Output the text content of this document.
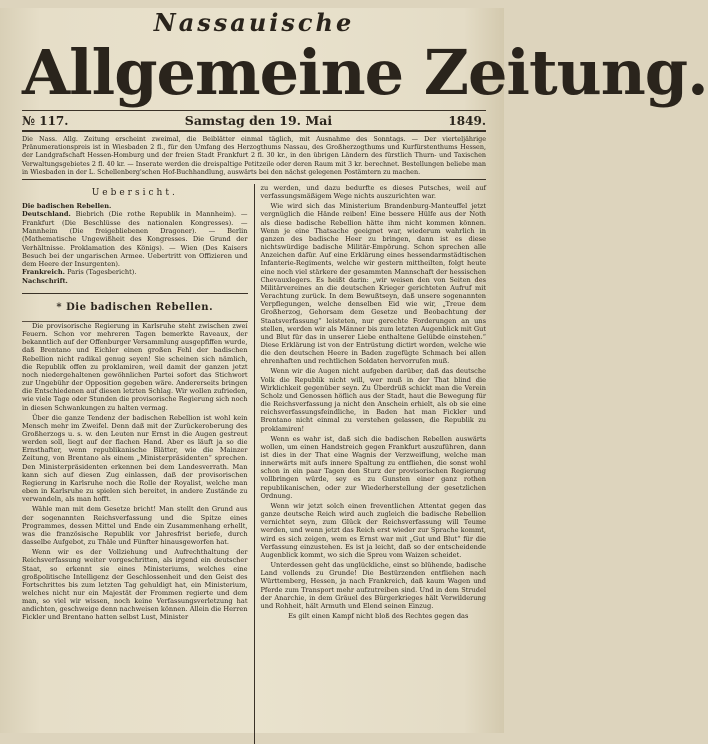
Nassauische
Allgemeine Zeitung.
№ 117.	Samstag den 19. Mai	1849.
Die Nass. Allg. Zeitung erscheint zweimal, die Beiblätter einmal täglich, mit Ausnahme des Sonntags. — Der vierteljährige Pränumerationspreis ist in Wiesbaden 2 fl., für den Umfang des Herzogthums Nassau, des Großherzogthums und Kurfürstenthums Hessen, der Landgrafschaft Hessen-Homburg und der freien Stadt Frankfurt 2 fl. 30 kr., in den übrigen Ländern des fürstlich Thurn- und Taxischen Verwaltungsgebietes 2 fl. 40 kr. — Inserate werden die dreispaltige Petitzeile oder deren Raum mit 3 kr. berechnet. Bestellungen beliebe man in Wiesbaden in der L. Schellenberg'schen Hof-Buchhandlung, auswärts bei den nächst gelegenen Postämtern zu machen.
Uebersicht.
Die badischen Rebellen.
Deutschland. Biebrich (Die rothe Republik in Mannheim). — Frankfurt (Die Beschlüsse des nationalen Kongresses). — Mannheim (Die freigebliebenen Dragoner). — Berlin (Mathematische Ungewißheit des Kongresses. Die Grund der Verhältnisse. Proklamation des Königs). — Wien (Des Kaisers Besuch bei der ungarischen Armee. Uebertritt von Offizieren und dem Heere der Insurgenten).
Frankreich. Paris (Tagesbericht).
Nachschrift.
* Die badischen Rebellen.

Die provisorische Regierung in Karlsruhe steht zwischen zwei Feuern. Schon vor mehreren Tagen bemerkte Raveaux, der bekanntlich auf der Offenburger Versammlung ausgepfiffen wurde, daß Brentano und Eichler einen großen Fehl der badischen Rebellion nicht radikal genug seyen! Sie scheinen sich nämlich, die Republik offen zu proklamiren, weil damit der ganzen jetzt noch niedergehaltenen gewöhnlichen Partei sofort das Stichwort zur Ungebühr der Opposition gegeben wäre. Andererseits bringen die Entschiedenen auf diesen letzten Schlag. Wir wollen zufrieden, wie viele Tage oder Stunden die provisorische Regierung sich noch in diesen Schwankungen zu halten vermag.

Über die ganze Tendenz der badischen Rebellion ist wohl kein Mensch mehr im Zweifel. Denn daß mit der Zurückeroberung des Großherzogs u. s. w. den Leuten nur Ernst in die Augen gestreut werden soll, liegt auf der flachen Hand. Aber es läuft ja so die Ernsthafter, wenn republikanische Blätter, wie die Mainzer Zeitung, von Brentano als einem „Ministerpräsidenten“ sprechen. Den Ministerpräsidenten erkennen bei dem Landesverrath. Man kann sich auf diesen Zug einlassen, daß der provisorischen Regierung in Karlsruhe noch die Rolle der Royalist, welche man eben in Karlsruhe zu spielen sich bereitet, in andere Zustände zu verwandeln, als man hofft.

Wähle man mit dem Gesetze bricht! Man stellt den Grund aus der sogenannten Reichsverfassung und die Spitze eines Programmes, dessen Mittel und Ende ein Zusammenhang erhellt, was die französische Republik vor Jahresfrist beriefe, durch dasselbe Aufgebot, zu Thäle und Fünfter hinausgeworfen hat.

Wenn wir es der Vollziehung und Aufrechthaltung der Reichsverfassung weiter vorgeschritten, als irgend ein deutscher Staat, so erkennt sie eines Ministeriums, welches eine großpolitische Intelligenz der Geschlossenheit und den Geist des Fortschrittes bis zum letzten Tag gehuldigt hat, ein Ministerium, welches nicht nur ein Majestät der Frommen regierte und dem man, so viel wir wissen, noch keine Verfassungsverletzung hat andichten, geschweige denn nachweisen können. Allein die Herren Fickler und Brentano hatten selbst Lust, Minister

zu werden, und dazu bedurfte es dieses Putsches, weil auf verfassungsmäßigem Wege nichts auszurichten war.

Wie wird sich das Ministerium Brandenburg-Manteuffel jetzt vergnüglich die Hände reiben! Eine bessere Hülfe aus der Noth als diese badische Rebellion hätte ihm nicht kommen können. Wenn je eine Thatsache geeignet war, wiederum wahrlich in ganzen des badische Heer zu bringen, dann ist es diese nichtswürdige badische Militär-Empörung. Schon sprechen alle Anzeichen dafür. Auf eine Erklärung eines hessendarmstädtischen Infanterie-Regiments, welche wir gestern mittheilten, folgt heute eine noch viel stärkere der gesammten Mannschaft der hessischen Chevauxlegers. Es heißt darin: „wir weisen den von Seiten des Militärvereines an die deutschen Krieger gerichteten Aufruf mit Verachtung zurück. In dem Bewußtseyn, daß unsere sogenannten Verpflegungen, welche denselben Eid wie wir, „Treue dem Großherzog, Gehorsam dem Gesetze und Beobachtung der Staatsverfassung“ leisteten, nur gerechte Forderungen an uns stellen, werden wir als Männer bis zum letzten Augenblick mit Gut und Blut für das in unserer Liebe enthaltene Gelübde einstehen.“ Diese Erklärung ist von der Entrüstung dictirt worden, welche wie die den deutschen Heere in Baden zugefügte Schmach bei allen ehrenhaften und rechtlichen Soldaten hervorrufen muß.

Wenn wir die Augen nicht aufgeben darüber, daß das deutsche Volk die Republik nicht will, wer muß in der That blind die Wirklichkeit gegenüber seyn. Zu Überdrüß schickt man die Verein Scholz und Genossen höflich aus der Stadt, haut die Bewegung für die Reichsverfassung ja nicht den Anschein erhielt, als ob sie eine reichsverfassungsfeindliche, in Baden hat man Fickler und Brentano nicht einmal zu verstehen gelassen, die Republik zu proklamiren!

Wenn es wahr ist, daß sich die badischen Rebellen auswärts wollen, um einen Handstreich gegen Frankfurt auszuführen, dann ist dies in der That eine Wagnis der Verzweiflung, welche man innerwärts mit aufs innere Spaltung zu entfliehen, die sonst wohl schon in ein paar Tagen den Sturz der provisorischen Regierung vollbringen würde, sey es zu Gunsten einer ganz rothen republikanischen, oder zur Wiederherstellung der gesetzlichen Ordnung.

Wenn wir jetzt solch einen freventlichen Attentat gegen das ganze deutsche Reich wird auch zugleich die badische Rebellion vernichtet seyn, zum Glück der Reichsverfassung will Teume werden, und wenn jetzt das Reich erst wieder zur Sprache kommt, wird es sich zeigen, wem es Ernst war mit „Gut und Blut“ für die Verfassung einzustehen. Es ist ja leicht, daß so der entscheidende Augenblick kommt, wo sich die Spreu vom Waizen scheidet.

Unterdessen geht das unglückliche, einst so blühende, badische Land vollends zu Grunde! Die Bestürzenden entfliehen nach Württemberg, Hessen, ja nach Frankreich, daß kaum Wagen und Pferde zum Transport mehr aufzutreiben sind. Und in dem Strudel der Anarchie, in dem Gräuel des Bürgerkrieges hält Verwilderung und Rohheit, hält Armuth und Elend seinen Einzug.

Es gilt einen Kampf nicht bloß des Rechtes gegen das
